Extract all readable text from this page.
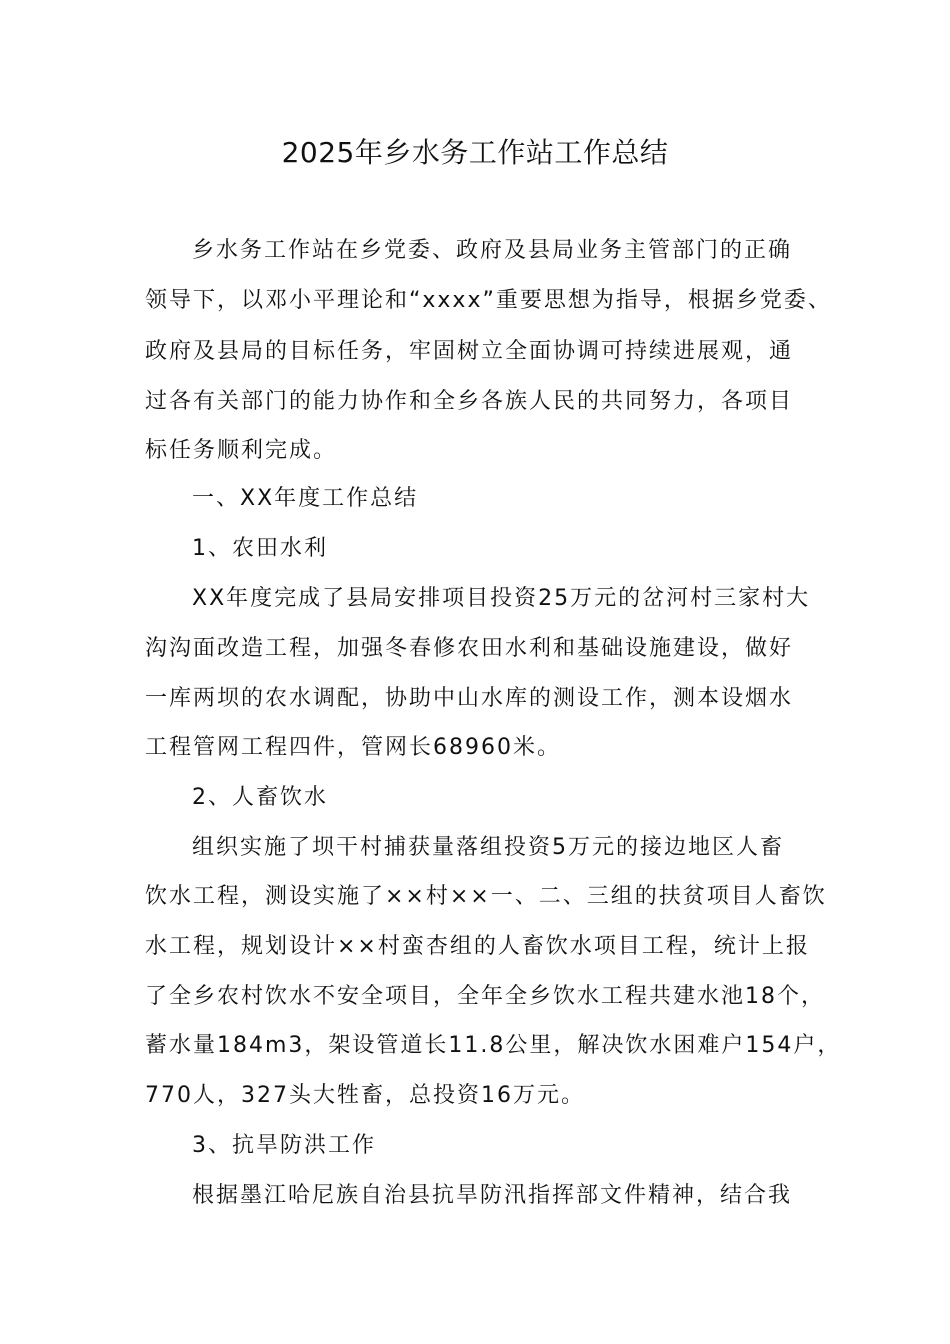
2025年乡水务工作站工作总结
乡水务工作站在乡党委、政府及县局业务主管部门的正确
领导下，以邓小平理论和“xxxx”重要思想为指导，根据乡党委、
政府及县局的目标任务，牢固树立全面协调可持续进展观，通
过各有关部门的能力协作和全乡各族人民的共同努力，各项目
标任务顺利完成。
一、XX年度工作总结
1、农田水利
XX年度完成了县局安排项目投资25万元的岔河村三家村大
沟沟面改造工程，加强冬春修农田水利和基础设施建设，做好
一库两坝的农水调配，协助中山水库的测设工作，测本设烟水
工程管网工程四件，管网长68960米。
2、人畜饮水
组织实施了坝干村捕获量落组投资5万元的接边地区人畜
饮水工程，测设实施了××村××一、二、三组的扶贫项目人畜饮
水工程，规划设计××村蛮杏组的人畜饮水项目工程，统计上报
了全乡农村饮水不安全项目，全年全乡饮水工程共建水池18个，
蓄水量184m3，架设管道长11.8公里，解决饮水困难户154户，
770人，327头大牲畜，总投资16万元。
3、抗旱防洪工作
根据墨江哈尼族自治县抗旱防汛指挥部文件精神，结合我
